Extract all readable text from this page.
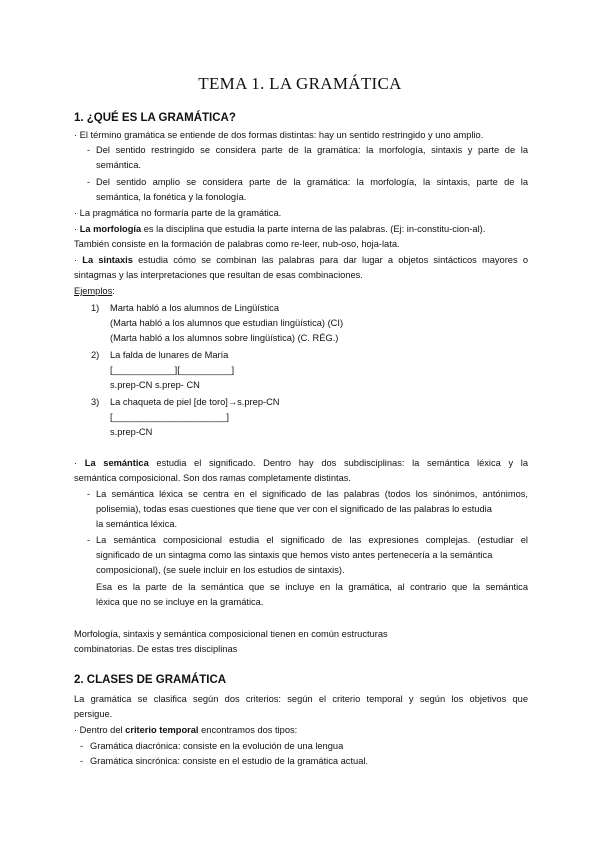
TEMA 1. LA GRAMÁTICA
1. ¿QUÉ ES LA GRAMÁTICA?
· El término gramática se entiende de dos formas distintas: hay un sentido restringido y uno amplio.
- Del sentido restringido se considera parte de la gramática: la morfología, sintaxis y parte de la
semántica.
- Del sentido amplio se considera parte de la gramática: la morfología, la sintaxis, parte de la
semántica, la fonética y la fonología.
· La pragmática no formaría parte de la gramática.
· La morfología es la disciplina que estudia la parte interna de las palabras. (Ej: in-constitu-cion-al).
También consiste en la formación de palabras como re-leer, nub-oso, hoja-lata.
· La sintaxis estudia cómo se combinan las palabras para dar lugar a objetos sintácticos mayores o
sintagmas y las interpretaciones que resultan de esas combinaciones.
Ejemplos:
1) Marta habló a los alumnos de Lingüística
(Marta habló a los alumnos que estudian lingüística) (CI)
(Marta habló a los alumnos sobre lingüística) (C. RÉG.)
2) La falda de lunares de María
[____________][__________]
s.prep-CN s.prep- CN
3) La chaqueta de piel [de toro]→s.prep-CN
[______________________]
s.prep-CN
· La semántica estudia el significado. Dentro hay dos subdisciplinas: la semántica léxica y la
semántica composicional. Son dos ramas completamente distintas.
- La semántica léxica se centra en el significado de las palabras (todos los sinónimos, antónimos,
polisemia), todas esas cuestiones que tiene que ver con el significado de las palabras lo estudia
la semántica léxica.
- La semántica composicional estudia el significado de las expresiones complejas. (estudiar el
significado de un sintagma como las sintaxis que hemos visto antes pertenecería a la semántica
composicional), (se suele incluir en los estudios de sintaxis).
Esa es la parte de la semántica que se incluye en la gramática, al contrario que la semántica
léxica que no se incluye en la gramática.
Morfología, sintaxis y semántica composicional tienen en común estructuras
combinatorias. De estas tres disciplinas
2. CLASES DE GRAMÁTICA
La gramática se clasifica según dos criterios: según el criterio temporal y según los objetivos que
persigue.
· Dentro del criterio temporal encontramos dos tipos:
- Gramática diacrónica: consiste en la evolución de una lengua
- Gramática sincrónica: consiste en el estudio de la gramática actual.
